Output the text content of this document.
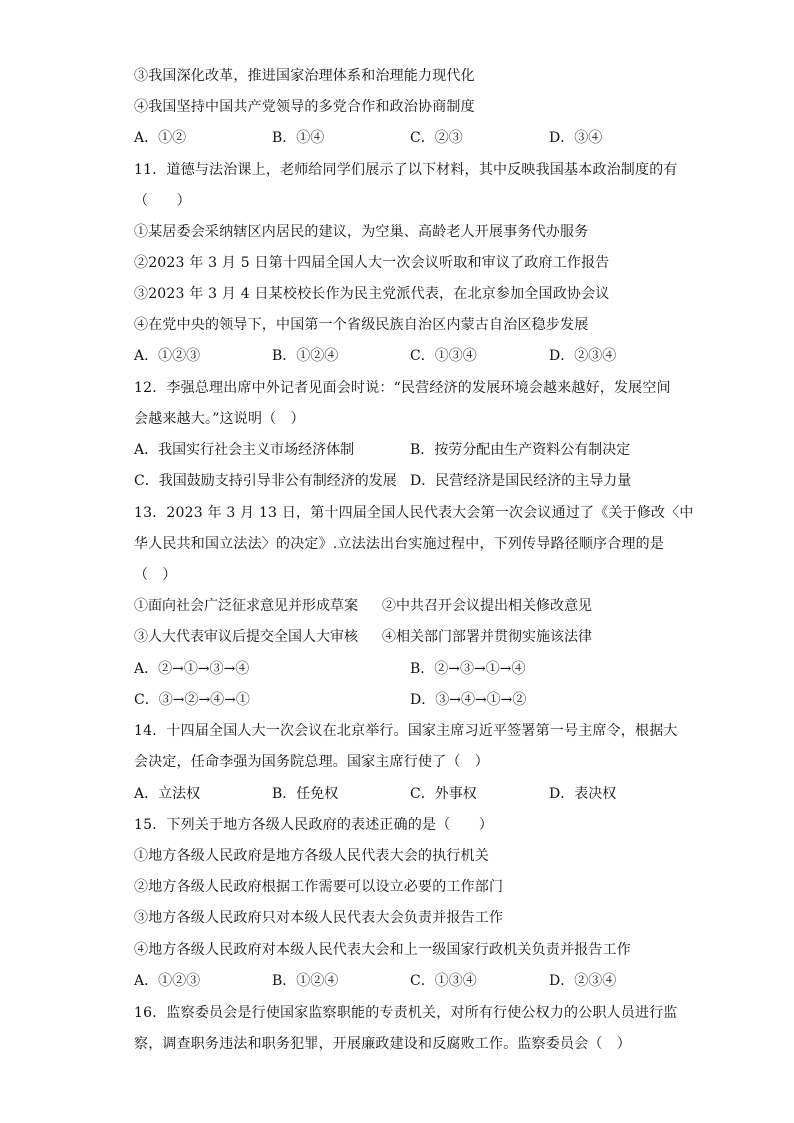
③我国深化改革，推进国家治理体系和治理能力现代化
④我国坚持中国共产党领导的多党合作和政治协商制度
A．①②	B．①④	C．②③	D．③④
11．道德与法治课上，老师给同学们展示了以下材料，其中反映我国基本政治制度的有
（　　）
①某居委会采纳辖区内居民的建议，为空巢、高龄老人开展事务代办服务
②2023 年 3 月 5 日第十四届全国人大一次会议听取和审议了政府工作报告
③2023 年 3 月 4 日某校校长作为民主党派代表，在北京参加全国政协会议
④在党中央的领导下，中国第一个省级民族自治区内蒙古自治区稳步发展
A．①②③	B．①②④	C．①③④	D．②③④
12．李强总理出席中外记者见面会时说：“民营经济的发展环境会越来越好，发展空间
会越来越大。”这说明（　）
A．我国实行社会主义市场经济体制	B．按劳分配由生产资料公有制决定
C．我国鼓励支持引导非公有制经济的发展 D．民营经济是国民经济的主导力量
13．2023 年 3 月 13 日，第十四届全国人民代表大会第一次会议通过了《关于修改〈中
华人民共和国立法法〉的决定》.立法法出台实施过程中，下列传导路径顺序合理的是
（　）
①面向社会广泛征求意见并形成草案 ②中共召开会议提出相关修改意见
③人大代表审议后提交全国人大审核 ④相关部门部署并贯彻实施该法律
A．②→①→③→④	B．②→③→①→④
C．③→②→④→①	D．③→④→①→②
14．十四届全国人大一次会议在北京举行。国家主席习近平签署第一号主席令，根据大
会决定，任命李强为国务院总理。国家主席行使了（　）
A．立法权	B．任免权	C．外事权	D．表决权
15．下列关于地方各级人民政府的表述正确的是（　　）
①地方各级人民政府是地方各级人民代表大会的执行机关
②地方各级人民政府根据工作需要可以设立必要的工作部门
③地方各级人民政府只对本级人民代表大会负责并报告工作
④地方各级人民政府对本级人民代表大会和上一级国家行政机关负责并报告工作
A．①②③	B．①②④	C．①③④	D．②③④
16．监察委员会是行使国家监察职能的专责机关，对所有行使公权力的公职人员进行监
察，调查职务违法和职务犯罪，开展廉政建设和反腐败工作。监察委员会（　）
